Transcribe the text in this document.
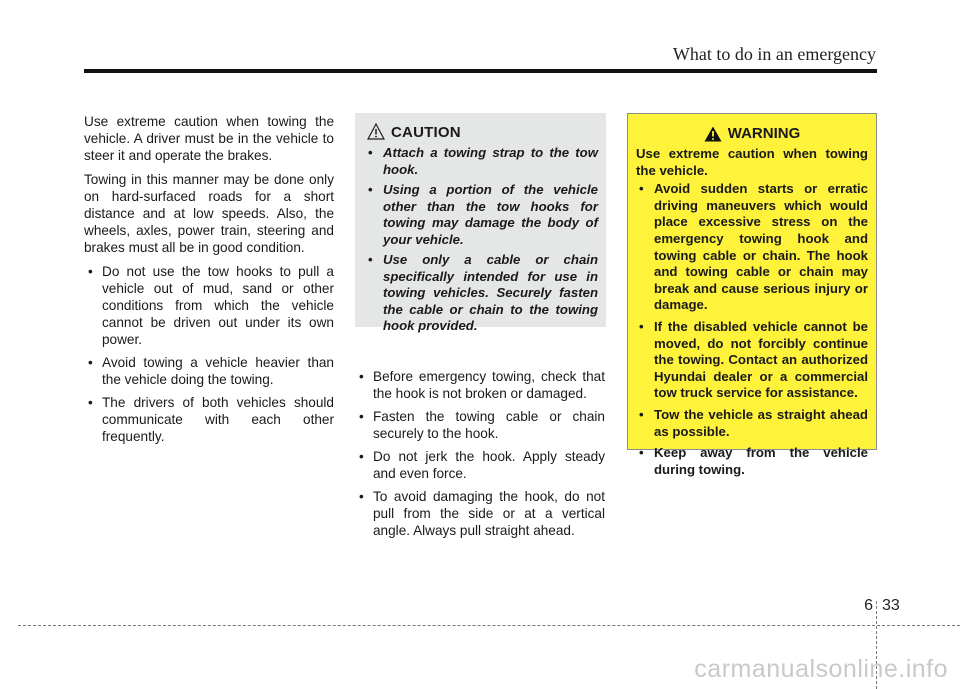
What to do in an emergency

Use extreme caution when towing the vehicle. A driver must be in the vehicle to steer it and operate the brakes.

Towing in this manner may be done only on hard-surfaced roads for a short distance and at low speeds. Also, the wheels, axles, power train, steering and brakes must all be in good condition.

• Do not use the tow hooks to pull a vehicle out of mud, sand or other conditions from which the vehicle cannot be driven out under its own power.
• Avoid towing a vehicle heavier than the vehicle doing the towing.
• The drivers of both vehicles should communicate with each other frequently.
CAUTION
• Attach a towing strap to the tow hook.
• Using a portion of the vehicle other than the tow hooks for towing may damage the body of your vehicle.
• Use only a cable or chain specifically intended for use in towing vehicles. Securely fasten the cable or chain to the towing hook provided.
• Before emergency towing, check that the hook is not broken or damaged.
• Fasten the towing cable or chain securely to the hook.
• Do not jerk the hook. Apply steady and even force.
• To avoid damaging the hook, do not pull from the side or at a vertical angle. Always pull straight ahead.
WARNING

Use extreme caution when towing the vehicle.

• Avoid sudden starts or erratic driving maneuvers which would place excessive stress on the emergency towing hook and towing cable or chain. The hook and towing cable or chain may break and cause serious injury or damage.
• If the disabled vehicle cannot be moved, do not forcibly continue the towing. Contact an authorized Hyundai dealer or a commercial tow truck service for assistance.
• Tow the vehicle as straight ahead as possible.
• Keep away from the vehicle during towing.
6 33
carmanualsonline.info
